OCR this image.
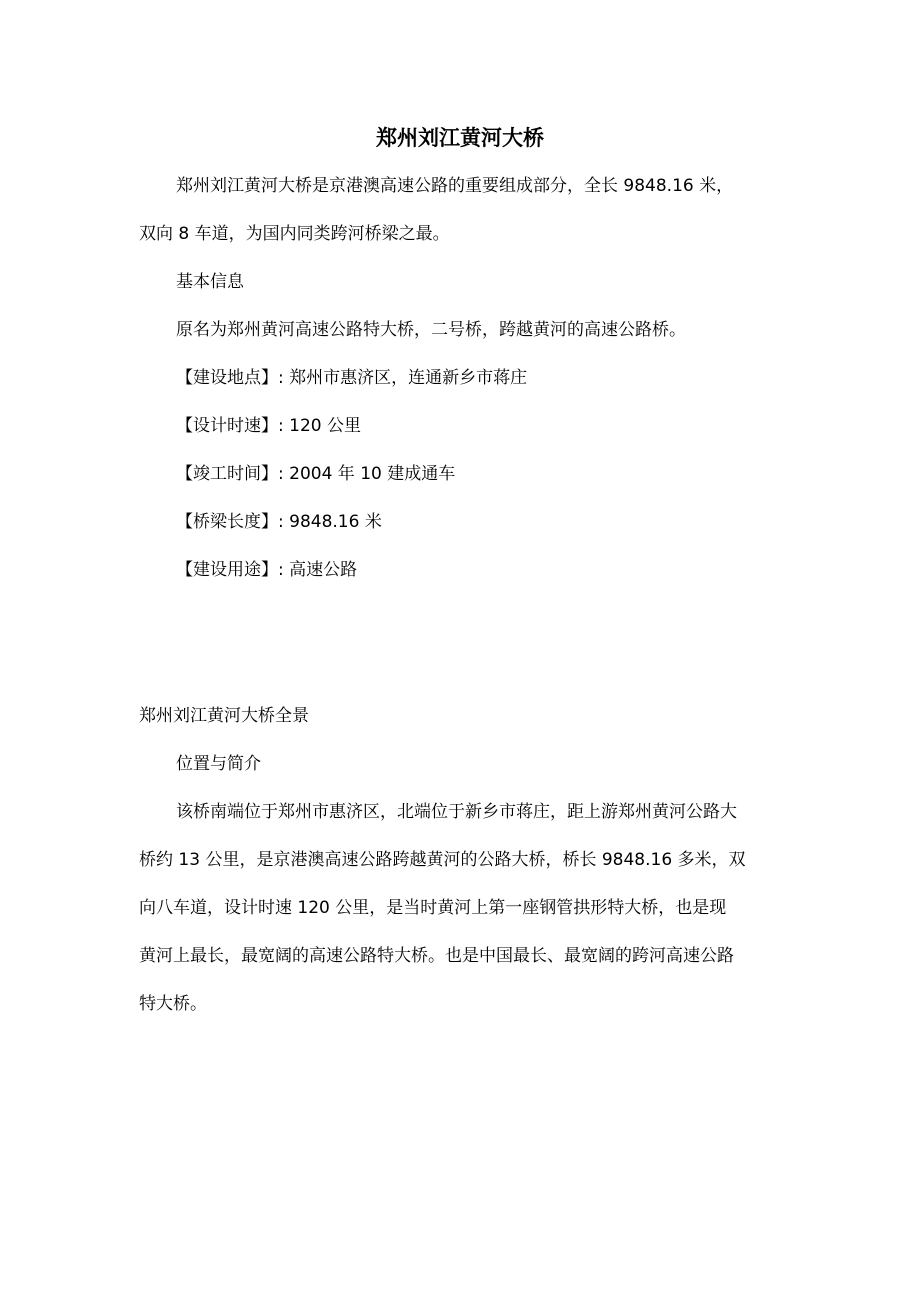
郑州刘江黄河大桥

郑州刘江黄河大桥是京港澳高速公路的重要组成部分，全长 9848.16 米，

双向 8 车道，为国内同类跨河桥梁之最。

基本信息

原名为郑州黄河高速公路特大桥，二号桥，跨越黄河的高速公路桥。

【建设地点】: 郑州市惠济区，连通新乡市蒋庄

【设计时速】: 120 公里

【竣工时间】: 2004 年 10 建成通车

【桥梁长度】: 9848.16 米

【建设用途】: 高速公路

郑州刘江黄河大桥全景

位置与简介

该桥南端位于郑州市惠济区，北端位于新乡市蒋庄，距上游郑州黄河公路大

桥约 13 公里，是京港澳高速公路跨越黄河的公路大桥，桥长 9848.16 多米，双

向八车道，设计时速 120 公里，是当时黄河上第一座钢管拱形特大桥，也是现

黄河上最长，最宽阔的高速公路特大桥。也是中国最长、最宽阔的跨河高速公路

特大桥。
